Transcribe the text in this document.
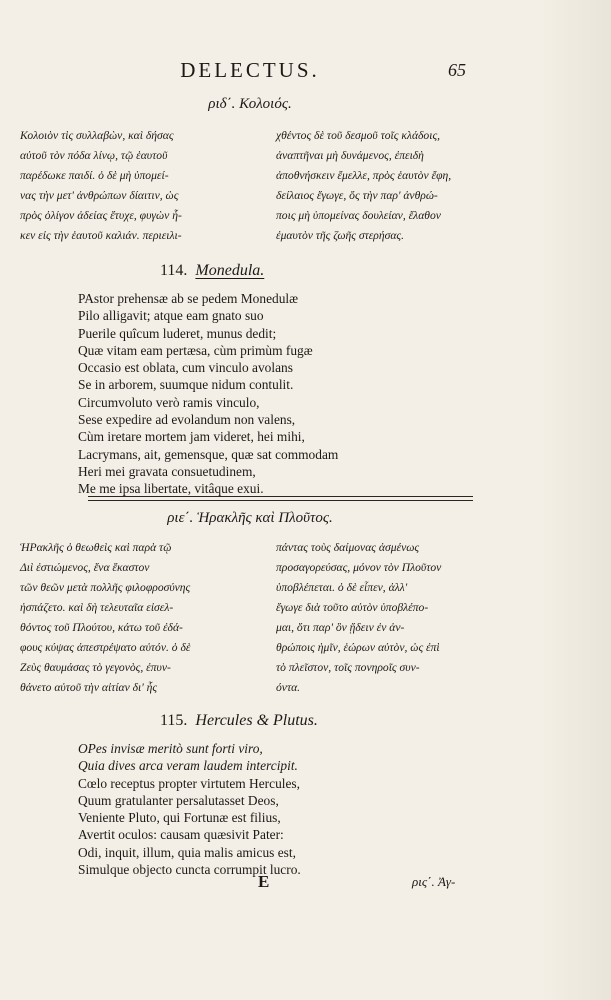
DELECTUS.	65
ριδ΄. Κολοιός.
Κολοιὸν τὶς συλλαβὼν, καὶ δήσας
αὐτοῦ τὸν πόδα λίνῳ, τῷ ἑαυτοῦ
παρέδωκε παιδί. ὁ δὲ μὴ ὑπομεί-
νας τὴν μετ' ἀνθρώπων δίαιτιν, ὡς
πρὸς ὀλίγον ἀδείας ἔτυχε, φυγὼν ἧ-
κεν εἰς τὴν ἑαυτοῦ καλιάν. περιειλι-
χθέντος δὲ τοῦ δεσμοῦ τοῖς κλάδοις,
ἀναπτῆναι μὴ δυνάμενος, ἐπειδὴ
ἀποθνήσκειν ἔμελλε, πρὸς ἑαυτὸν ἔφη,
δείλαιος ἔγωγε, ὅς τὴν παρ' ἀνθρώ-
ποις μὴ ὑπομείνας δουλείαν, ἔλαθον
ἐμαυτὸν τῆς ζωῆς στερήσας.
114. Monedula.
PAstor prehensæ ab se pedem Monedulæ
Pilo alligavit; atque eam gnato suo
Puerile quîcum luderet, munus dedit;
Quæ vitam eam pertæsa, cùm primùm fugæ
Occasio est oblata, cum vinculo avolans
Se in arborem, suumque nidum contulit.
Circumvoluto verò ramis vinculo,
Sese expedire ad evolandum non valens,
Cùm iretare mortem jam videret, hei mihi,
Lacrymans, ait, gemensque, quæ sat commodam
Heri mei gravata consuetudinem,
Me me ipsa libertate, vitâque exui.
ριε΄. Ἡρακλῆς καὶ Πλοῦτος.
ἩΡακλῆς ὁ θεωθεὶς καὶ παρὰ τῷ
Διὶ ἐστιώμενος, ἕνα ἕκαστον
τῶν θεῶν μετὰ πολλῆς φιλοφροσύνης
ἠσπάζετο. καὶ δὴ τελευταῖα εἰσελ-
θόντος τοῦ Πλούτου, κάτω τοῦ ἐδά-
φους κύψας ἀπεστρέψατο αὐτόν. ὁ δὲ
Ζεὺς θαυμάσας τὸ γεγονὸς, ἐπυν-
θάνετο αὐτοῦ τὴν αἰτίαν δι' ἧς
πάντας τοὺς δαίμονας ἀσμένως
προσαγορεύσας, μόνον τὸν Πλοῦτον
ὑποβλέπεται. ὁ δὲ εἶπεν, ἀλλ'
ἔγωγε διὰ τοῦτο αὐτὸν ὑποβλέπο-
μαι, ὅτι παρ' ὃν ᾔδειν ἐν ἀν-
θρώποις ἡμῖν, ἑώρων αὐτὸν, ὡς ἐπὶ
τὸ πλεῖστον, τοῖς πονηροῖς συν-
όντα.
115. Hercules & Plutus.
OPes invisæ meritò sunt forti viro,
Quia dives arca veram laudem intercipit.
Cœlo receptus propter virtutem Hercules,
Quum gratulanter persalutasset Deos,
Veniente Pluto, qui Fortunæ est filius,
Avertit oculos: causam quæsivit Pater:
Odi, inquit, illum, quia malis amicus est,
Simulque objecto cuncta corrumpit lucro.
E	ρις΄. Ἀγ-
